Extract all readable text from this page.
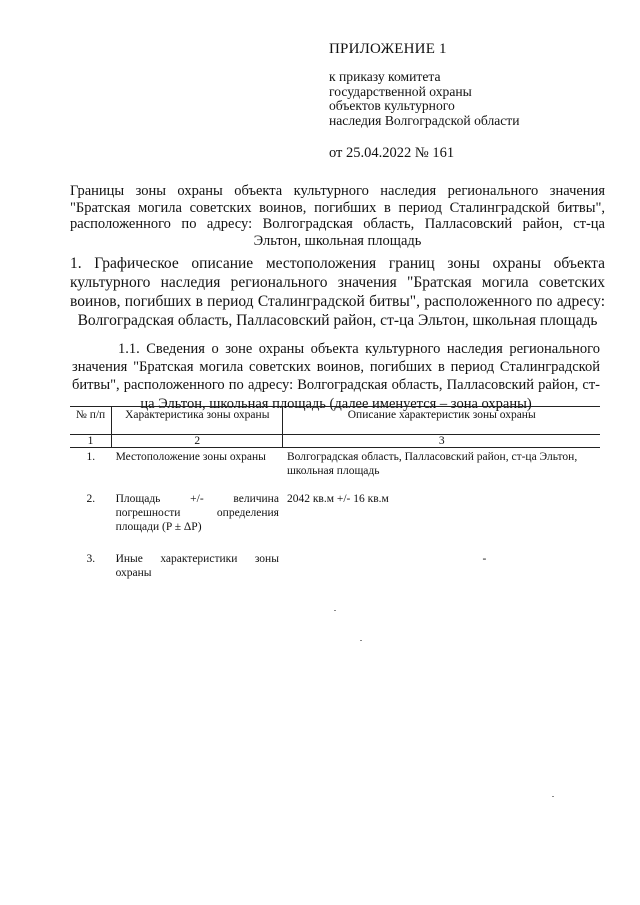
ПРИЛОЖЕНИЕ 1

к приказу комитета

государственной охраны

объектов культурного

наследия Волгоградской области

от 25.04.2022 № 161

Границы зоны охраны объекта культурного наследия регионального значения "Братская могила советских воинов, погибших в период Сталинградской битвы", расположенного по адресу: Волгоградская область, Палласовский район, ст-ца Эльтон, школьная площадь
1. Графическое описание местоположения границ зоны охраны объекта культурного наследия регионального значения "Братская могила советских воинов, погибших в период Сталинградской битвы", расположенного по адресу: Волгоградская область, Палласовский район, ст-ца Эльтон, школьная площадь
1.1. Сведения о зоне охраны объекта культурного наследия регионального значения "Братская могила советских воинов, погибших в период Сталинградской битвы", расположенного по адресу: Волгоградская область, Палласовский район, ст-ца Эльтон, школьная площадь (далее именуется – зона охраны)
№ п/п	Характеристика зоны охраны	Описание характеристик зоны охраны
1	2	3
1.	Местоположение зоны охраны	Волгоградская область, Палласовский район, ст-ца Эльтон, школьная площадь
2.	Площадь +/- величина погрешности определения площади (P ± ΔP)	2042 кв.м +/- 16 кв.м
3.	Иные характеристики зоны охраны	-
